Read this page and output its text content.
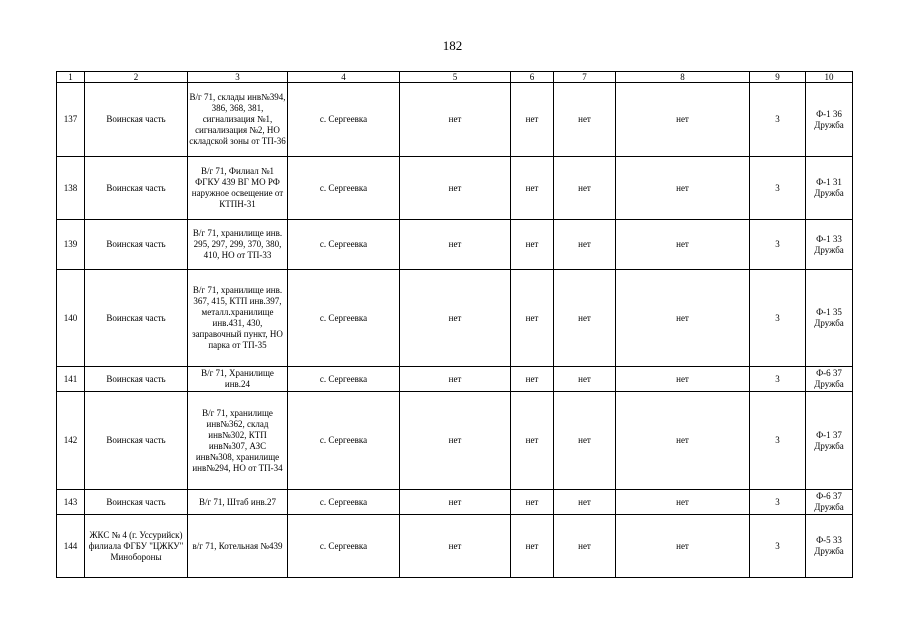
182
1	2	3	4	5	6	7	8	9	10
137	Воинская часть	В/г 71, склады инв№394, 386, 368, 381, сигнализация №1, сигнализация №2, НО складской зоны от ТП-36	с. Сергеевка	нет	нет	нет	нет	3	Ф-1 36 Дружба
138	Воинская часть	В/г 71, Филиал №1 ФГКУ 439 ВГ МО РФ наружное освещение от КТПН-31	с. Сергеевка	нет	нет	нет	нет	3	Ф-1 31 Дружба
139	Воинская часть	В/г 71, хранилище инв. 295, 297, 299, 370, 380, 410, НО от ТП-33	с. Сергеевка	нет	нет	нет	нет	3	Ф-1 33 Дружба
140	Воинская часть	В/г 71, хранилище инв. 367, 415, КТП инв.397, металл.хранилище инв.431, 430, заправочный пункт, НО парка от ТП-35	с. Сергеевка	нет	нет	нет	нет	3	Ф-1 35 Дружба
141	Воинская часть	В/г 71, Хранилище инв.24	с. Сергеевка	нет	нет	нет	нет	3	Ф-6 37 Дружба
142	Воинская часть	В/г 71, хранилище инв№362, склад инв№302, КТП инв№307, АЗС инв№308, хранилище инв№294, НО от ТП-34	с. Сергеевка	нет	нет	нет	нет	3	Ф-1 37 Дружба
143	Воинская часть	В/г 71, Штаб инв.27	с. Сергеевка	нет	нет	нет	нет	3	Ф-6 37 Дружба
144	ЖКС № 4 (г. Уссурийск) филиала ФГБУ "ЦЖКУ" Минобороны	в/г 71, Котельная №439	с. Сергеевка	нет	нет	нет	нет	3	Ф-5 33 Дружба
